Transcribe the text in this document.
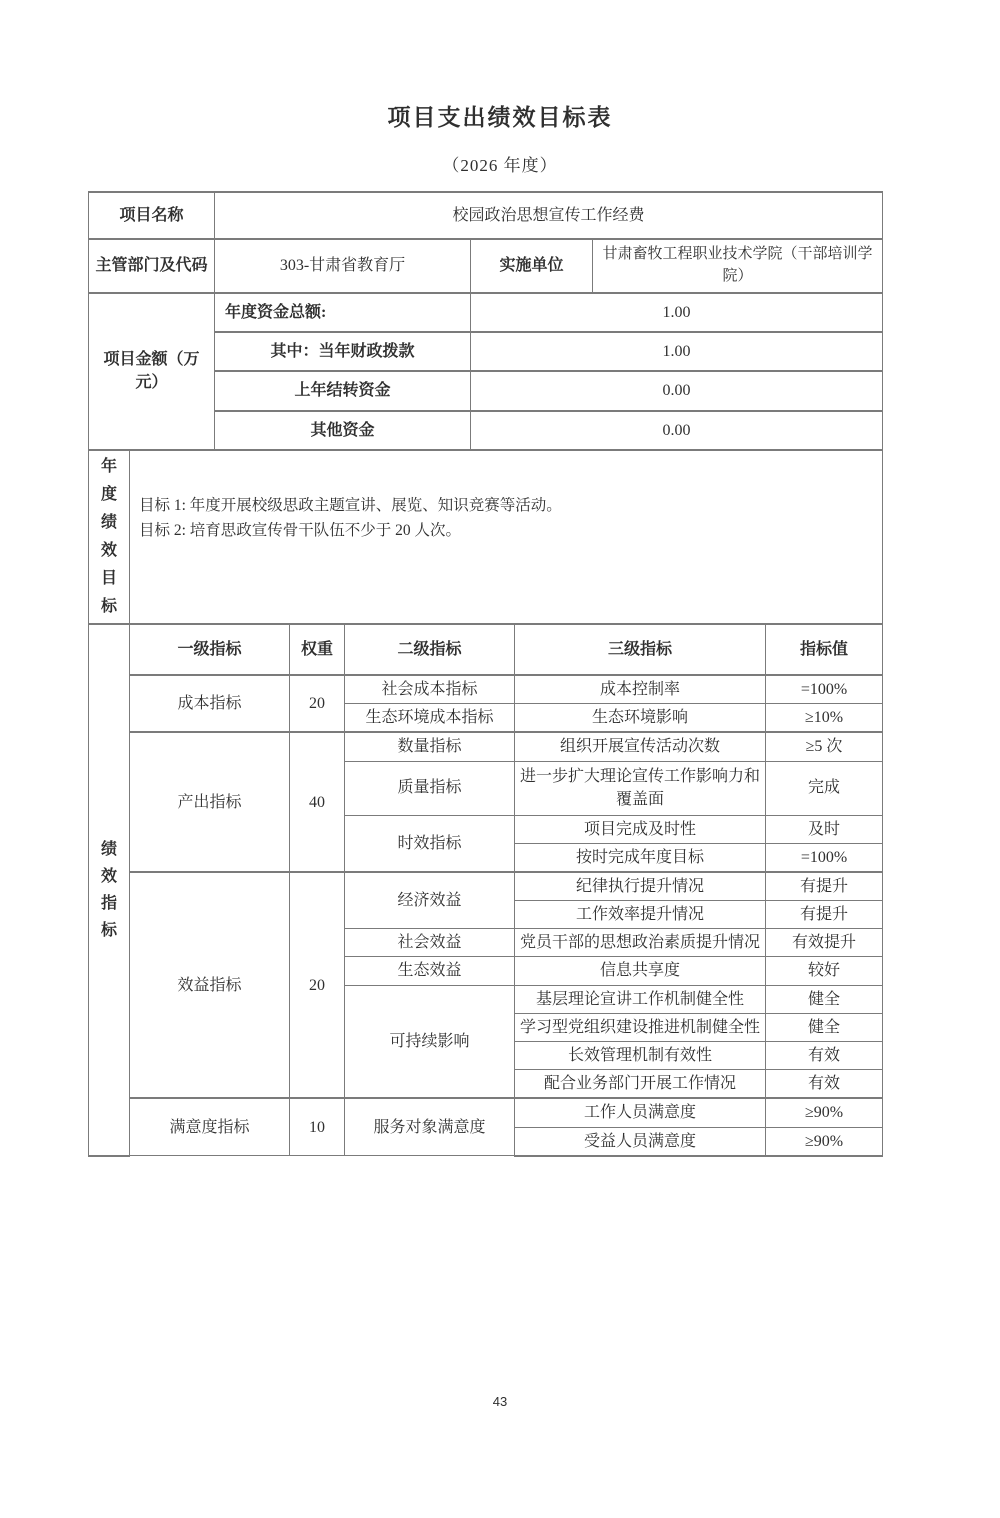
项目支出绩效目标表
（2026 年度）
项目名称	校园政治思想宣传工作经费		
主管部门及代码	303-甘肃省教育厅	实施单位	甘肃畜牧工程职业技术学院（干部培训学院）

项目金额（万元）	年度资金总额:	1.00	
	其中：当年财政拨款	1.00	
	上年结转资金	0.00	
	其他资金	0.00	
年度绩效目标

目标 1: 年度开展校级思政主题宣讲、展览、知识竞赛等活动。
目标 2: 培育思政宣传骨干队伍不少于 20 人次。
绩效指标	一级指标	权重	二级指标	三级指标	指标值
	成本指标	20	社会成本指标	成本控制率	=100%
			生态环境成本指标	生态环境影响	≥10%
	产出指标	40	数量指标	组织开展宣传活动次数	≥5 次
			质量指标	进一步扩大理论宣传工作影响力和覆盖面	完成
			时效指标	项目完成及时性	及时
				按时完成年度目标	=100%
	效益指标	20	经济效益	纪律执行提升情况	有提升
				工作效率提升情况	有提升
			社会效益	党员干部的思想政治素质提升情况	有效提升
			生态效益	信息共享度	较好
			可持续影响	基层理论宣讲工作机制健全性	健全
				学习型党组织建设推进机制健全性	健全
				长效管理机制有效性	有效
				配合业务部门开展工作情况	有效
	满意度指标	10	服务对象满意度	工作人员满意度	≥90%
				受益人员满意度	≥90%
43
